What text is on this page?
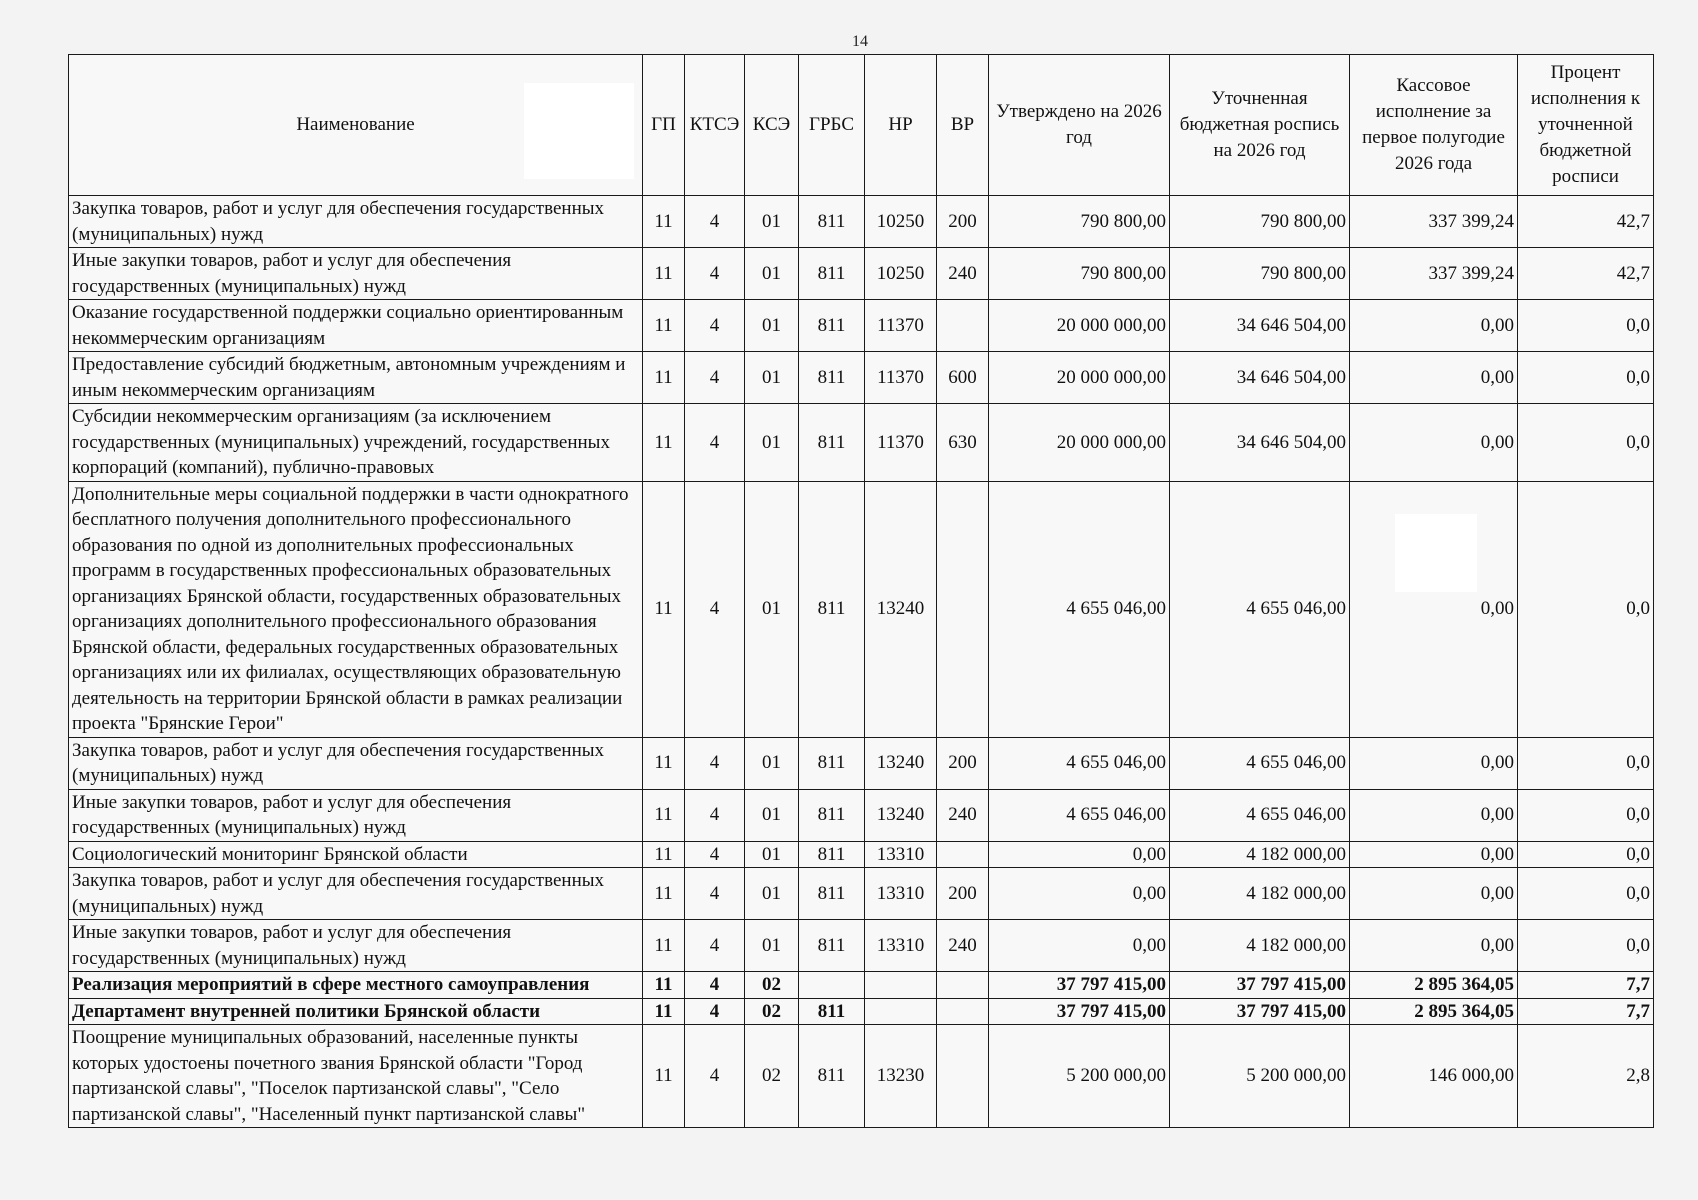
14
Наименование	ГП	КТСЭ	КСЭ	ГРБС	НР	ВР	Утверждено на 2026 год	Уточненная бюджетная роспись на 2026 год	Кассовое исполнение за первое полугодие 2026 года	Процент исполнения к уточненной бюджетной росписи
Закупка товаров, работ и услуг для обеспечения государственных (муниципальных) нужд	11	4	01	811	10250	200	790 800,00	790 800,00	337 399,24	42,7
Иные закупки товаров, работ и услуг для обеспечения государственных (муниципальных) нужд	11	4	01	811	10250	240	790 800,00	790 800,00	337 399,24	42,7
Оказание государственной поддержки социально ориентированным некоммерческим организациям	11	4	01	811	11370		20 000 000,00	34 646 504,00	0,00	0,0
Предоставление субсидий бюджетным, автономным учреждениям и иным некоммерческим организациям	11	4	01	811	11370	600	20 000 000,00	34 646 504,00	0,00	0,0
Субсидии некоммерческим организациям (за исключением государственных (муниципальных) учреждений, государственных корпораций (компаний), публично-правовых	11	4	01	811	11370	630	20 000 000,00	34 646 504,00	0,00	0,0
Дополнительные меры социальной поддержки в части однократного бесплатного получения дополнительного профессионального образования по одной из дополнительных профессиональных программ в государственных профессиональных образовательных организациях Брянской области, государственных образовательных организациях дополнительного профессионального образования Брянской области, федеральных государственных образовательных организациях или их филиалах, осуществляющих образовательную деятельность на территории Брянской области в рамках реализации проекта "Брянские Герои"	11	4	01	811	13240		4 655 046,00	4 655 046,00	0,00	0,0
Закупка товаров, работ и услуг для обеспечения государственных (муниципальных) нужд	11	4	01	811	13240	200	4 655 046,00	4 655 046,00	0,00	0,0
Иные закупки товаров, работ и услуг для обеспечения государственных (муниципальных) нужд	11	4	01	811	13240	240	4 655 046,00	4 655 046,00	0,00	0,0
Социологический мониторинг Брянской области	11	4	01	811	13310		0,00	4 182 000,00	0,00	0,0
Закупка товаров, работ и услуг для обеспечения государственных (муниципальных) нужд	11	4	01	811	13310	200	0,00	4 182 000,00	0,00	0,0
Иные закупки товаров, работ и услуг для обеспечения государственных (муниципальных) нужд	11	4	01	811	13310	240	0,00	4 182 000,00	0,00	0,0
Реализация мероприятий в сфере местного самоуправления	11	4	02				37 797 415,00	37 797 415,00	2 895 364,05	7,7
Департамент внутренней политики Брянской области	11	4	02	811			37 797 415,00	37 797 415,00	2 895 364,05	7,7
Поощрение муниципальных образований, населенные пункты которых удостоены почетного звания Брянской области "Город партизанской славы", "Поселок партизанской славы", "Село партизанской славы", "Населенный пункт партизанской славы"	11	4	02	811	13230		5 200 000,00	5 200 000,00	146 000,00	2,8
